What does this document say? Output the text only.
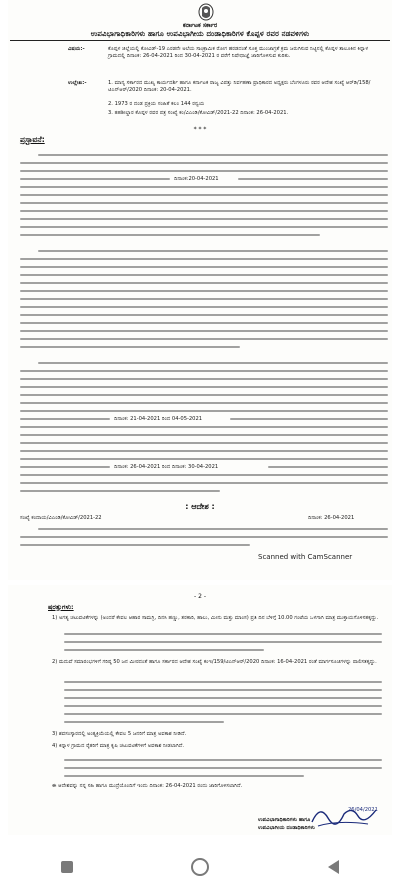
ಕರ್ನಾಟಕ ಸರ್ಕಾರ
ಉಪವಿಭಾಗಾಧಿಕಾರಿಗಳು ಹಾಗೂ ಉಪವಿಭಾಗೀಯ ದಂಡಾಧಿಕಾರಿಗಳ ಕೊಪ್ಪಳ ರವರ ನಡವಳಿಗಳು
ವಿಷಯ:-	ಕೊಪ್ಪಳ ಜಿಲ್ಲೆಯಲ್ಲಿ ಕೋವಿಡ್-19 ಎರಡನೇ ಅಲೆಯ ಸಾಂಕ್ರಾಮಿಕ ರೋಗ ಹರಡದಂತೆ ಸೂಕ್ತ ಮುಂಜಾಗ್ರತೆ ಕ್ರಮ ಜರುಗಿಸುವ ನಿಟ್ಟಿನಲ್ಲಿ ಕೊಪ್ಪಳ ತಾಲೂಕಿನ ಕಿನ್ನಾಳ ಗ್ರಾಮದಲ್ಲಿ ದಿನಾಂಕ: 26-04-2021 ರಿಂದ 30-04-2021 ರ ವರೆಗೆ ನಿಷೇಧಾಜ್ಞೆ ಜಾರಿಗೊಳಿಸುವ ಕುರಿತು.
ಉಲ್ಲೇಖ:-	1. ಮಾನ್ಯ ಸರ್ಕಾರದ ಮುಖ್ಯ ಕಾರ್ಯದರ್ಶಿ ಹಾಗೂ ಕರ್ನಾಟಕ ರಾಜ್ಯ ವಿಪತ್ತು ನಿರ್ವಹಣಾ ಪ್ರಾಧಿಕಾರದ ಅಧ್ಯಕ್ಷರು ಬೆಂಗಳೂರು ರವರ ಆದೇಶ ಸಂಖ್ಯೆ ಆರ್‌ಡಿ/158/ಟಿಎನ್‌ಆರ್/2020 ದಿನಾಂಕ: 20-04-2021.
2. 1973 ರ ದಂಡ ಪ್ರಕ್ರಿಯ ಸಂಹಿತೆ ಕಲಂ 144 ರನ್ವಯ
3. ತಹಶೀಲ್ದಾರ ಕೊಪ್ಪಳ ರವರ ಪತ್ರ ಸಂಖ್ಯೆ ಕಂ/ವಿಎಂಡಿ/ಕೋವಿಡ್/2021-22 ದಿನಾಂಕ: 26-04-2021.
* * *
ಪ್ರಸ್ತಾವನೆ:
ದಿನಾಂಕ:20-04-2021
ದಿನಾಂಕ: 21-04-2021 ರಿಂದ 04-05-2021
ದಿನಾಂಕ: 26-04-2021 ರಿಂದ ದಿನಾಂಕ: 30-04-2021
: ಆದೇಶ :
ಸಂಖ್ಯೆ ಕಂದಾಯ/ವಿಎಂಡಿ/ಕೋವಿಡ್/2021-22	ದಿನಾಂಕ: 26-04-2021
Scanned with CamScanner
- 2 -
ಷರತ್ತುಗಳು:
1) ಅಗತ್ಯ ಚಟುವಟಿಕೆಗಳನ್ನು (ಅಂದರೆ ಕೇವಲ ಆಹಾರ ಸಾಮಗ್ರಿ, ದಿನಸಿ ಹಣ್ಣು, ತರಕಾರಿ, ಹಾಲು, ಮೀನು ಮತ್ತು ಮಾಂಸ) ಪ್ರತಿ ದಿನ ಬೆಳಿಗ್ಗೆ 10.00 ಗಂಟೆಯ ಒಳಗಾಗಿ ಮಾತ್ರ ಮುಕ್ತಾಯಗೊಳಿಸತಕ್ಕದ್ದು.
2) ಮದುವೆ ಸಮಾರಂಭಗಳಿಗೆ ಗರಿಷ್ಠ 50 ಜನ ಮೀರದಂತೆ ಹಾಗೂ ಸರ್ಕಾರದ ಆದೇಶ ಸಂಖ್ಯೆ ಕಂಇ/159/ಟಿಎನ್‌ಆರ್/2020 ದಿನಾಂಕ: 16-04-2021 ರಂತೆ ಮಾರ್ಗಸೂಚಿಗಳನ್ನು ಪಾಲಿಸತಕ್ಕದ್ದು.
3) ಶವಸಂಸ್ಕಾರದಲ್ಲಿ ಅಂತ್ಯಕ್ರಿಯೆಯಲ್ಲಿ ಕೇವಲ 5 ಜನರಿಗೆ ಮಾತ್ರ ಅವಕಾಶ ನೀಡಿದೆ.
4) ಕಿನ್ನಾಳ ಗ್ರಾಮದ ರೈತರಿಗೆ ಮಾತ್ರ ಕೃಷಿ ಚಟುವಟಿಕೆಗಳಿಗೆ ಅವಕಾಶ ನೀಡಲಾಗಿದೆ.
ಈ ಆದೇಶವನ್ನು ನನ್ನ ಸಹಿ ಹಾಗೂ ಮುದ್ರೆಯೊಂದಿಗೆ ಇಂದು ದಿನಾಂಕ: 26-04-2021 ರಂದು ಜಾರಿಗೊಳಿಸಲಾಗಿದೆ.
26/04/2021
ಉಪವಿಭಾಗಾಧಿಕಾರಿಗಳು ಹಾಗೂ
ಉಪವಿಭಾಗೀಯ ದಂಡಾಧಿಕಾರಿಗಳು
